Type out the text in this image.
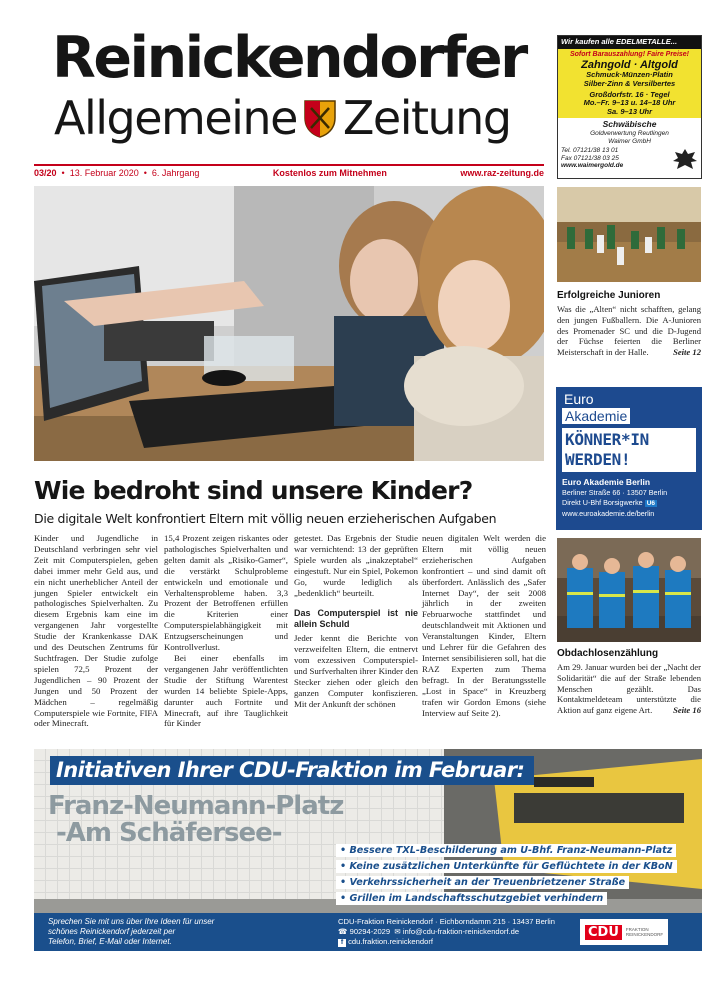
Reinickendorfer
Allgemeine Zeitung
Wir kaufen alle EDELMETALLE...
Sofort Barauszahlung! Faire Preise!
Zahngold · Altgold
Schmuck·Münzen·Platin
Silber·Zinn & Versilbertes
Großdorfstr. 16 · Tegel
Mo.–Fr. 9–13 u. 14–18 Uhr
Sa. 9–13 Uhr
Schwäbische
Goldverwertung Reutlingen
Waimer GmbH
Tel. 07121/38 13 01
Fax 07121/38 03 25
www.waimergold.de
03/20  •  13. Februar 2020  •  6. Jahrgang	Kostenlos zum Mitnehmen	www.raz-zeitung.de
Wie bedroht sind unsere Kinder?
Die digitale Welt konfrontiert Eltern mit völlig neuen erzieherischen Aufgaben

Kinder und Jugendliche in Deutschland verbringen sehr viel Zeit mit Computerspielen, geben dabei immer mehr Geld aus, und ein nicht unerheblicher Anteil der jungen Spieler entwickelt ein pathologisches Spielverhalten. Zu diesem Ergebnis kam eine im vergangenen Jahr vorgestellte Studie der Krankenkasse DAK und des Deutschen Zentrums für Suchtfragen. Der Studie zufolge spielen 72,5 Prozent der Jugendlichen – 90 Prozent der Jungen und 50 Prozent der Mädchen – regelmäßig Computerspiele wie Fortnite, FIFA oder Minecraft.

15,4 Prozent zeigen riskantes oder pathologisches Spielverhalten und gelten damit als „Risiko-Gamer“, die verstärkt Schulprobleme entwickeln und emotionale und Verhaltensprobleme haben. 3,3 Prozent der Betroffenen erfüllen die Kriterien einer Computerspielabhängigkeit mit Entzugserscheinungen und Kontrollverlust.

Bei einer ebenfalls im vergangenen Jahr veröffentlichten Studie der Stiftung Warentest wurden 14 beliebte Spiele-Apps, darunter auch Fortnite und Minecraft, auf ihre Tauglichkeit für Kinder

getestet. Das Ergebnis der Studie war vernichtend: 13 der geprüften Spiele wurden als „inakzeptabel“ eingestuft. Nur ein Spiel, Pokemon Go, wurde lediglich als „bedenklich“ beurteilt.

Das Computerspiel ist nie allein Schuld

Jeder kennt die Berichte von verzweifelten Eltern, die entnervt vom exzessiven Computerspiel- und Surfverhalten ihrer Kinder den Stecker ziehen oder gleich den ganzen Computer konfiszieren. Mit der Ankunft der schönen

neuen digitalen Welt werden die Eltern mit völlig neuen erzieherischen Aufgaben konfrontiert – und sind damit oft überfordert. Anlässlich des „Safer Internet Day“, der seit 2008 jährlich in der zweiten Februarwoche stattfindet und deutschlandweit mit Aktionen und Veranstaltungen Kinder, Eltern und Lehrer für die Gefahren des Internet sensibilisieren soll, hat die RAZ Experten zum Thema befragt. In der Beratungsstelle „Lost in Space“ in Kreuzberg trafen wir Gordon Emons (siehe Interview auf Seite 2).

Erfolgreiche Junioren
Was die „Alten“ nicht schafften, gelang den jungen Fußballern. Die A-Junioren des Promenader SC und die D-Jugend der Füchse feierten die Berliner Meisterschaft in der Halle.	Seite 12
Euro
Akademie
KÖNNER*IN
WERDEN!
Euro Akademie Berlin
Berliner Straße 66 · 13507 Berlin
Direkt U-Bhf Borsigwerke U6
www.euroakademie.de/berlin
Obdachlosenzählung
Am 29. Januar wurden bei der „Nacht der Solidarität“ die auf der Straße lebenden Menschen gezählt. Das Kontaktmeldeteam unterstützte die Aktion auf ganz eigene Art. Seite 16
Initiativen Ihrer CDU-Fraktion im Februar:
Franz-Neumann-Platz
-Am Schäfersee-
• Bessere TXL-Beschilderung am U-Bhf. Franz-Neumann-Platz
• Keine zusätzlichen Unterkünfte für Geflüchtete in der KBoN
• Verkehrssicherheit an der Treuenbrietzener Straße
• Grillen im Landschaftsschutzgebiet verhindern
Sprechen Sie mit uns über Ihre Ideen für unser
schönes Reinickendorf jederzeit per
Telefon, Brief, E-Mail oder Internet.
CDU-Fraktion Reinickendorf · Eichborndamm 215 · 13437 Berlin
☎ 90294-2029 ✉ info@cdu-fraktion-reinickendorf.de
f cdu.fraktion.reinickendorf
CDU	FRAKTION
REINICKENDORF
